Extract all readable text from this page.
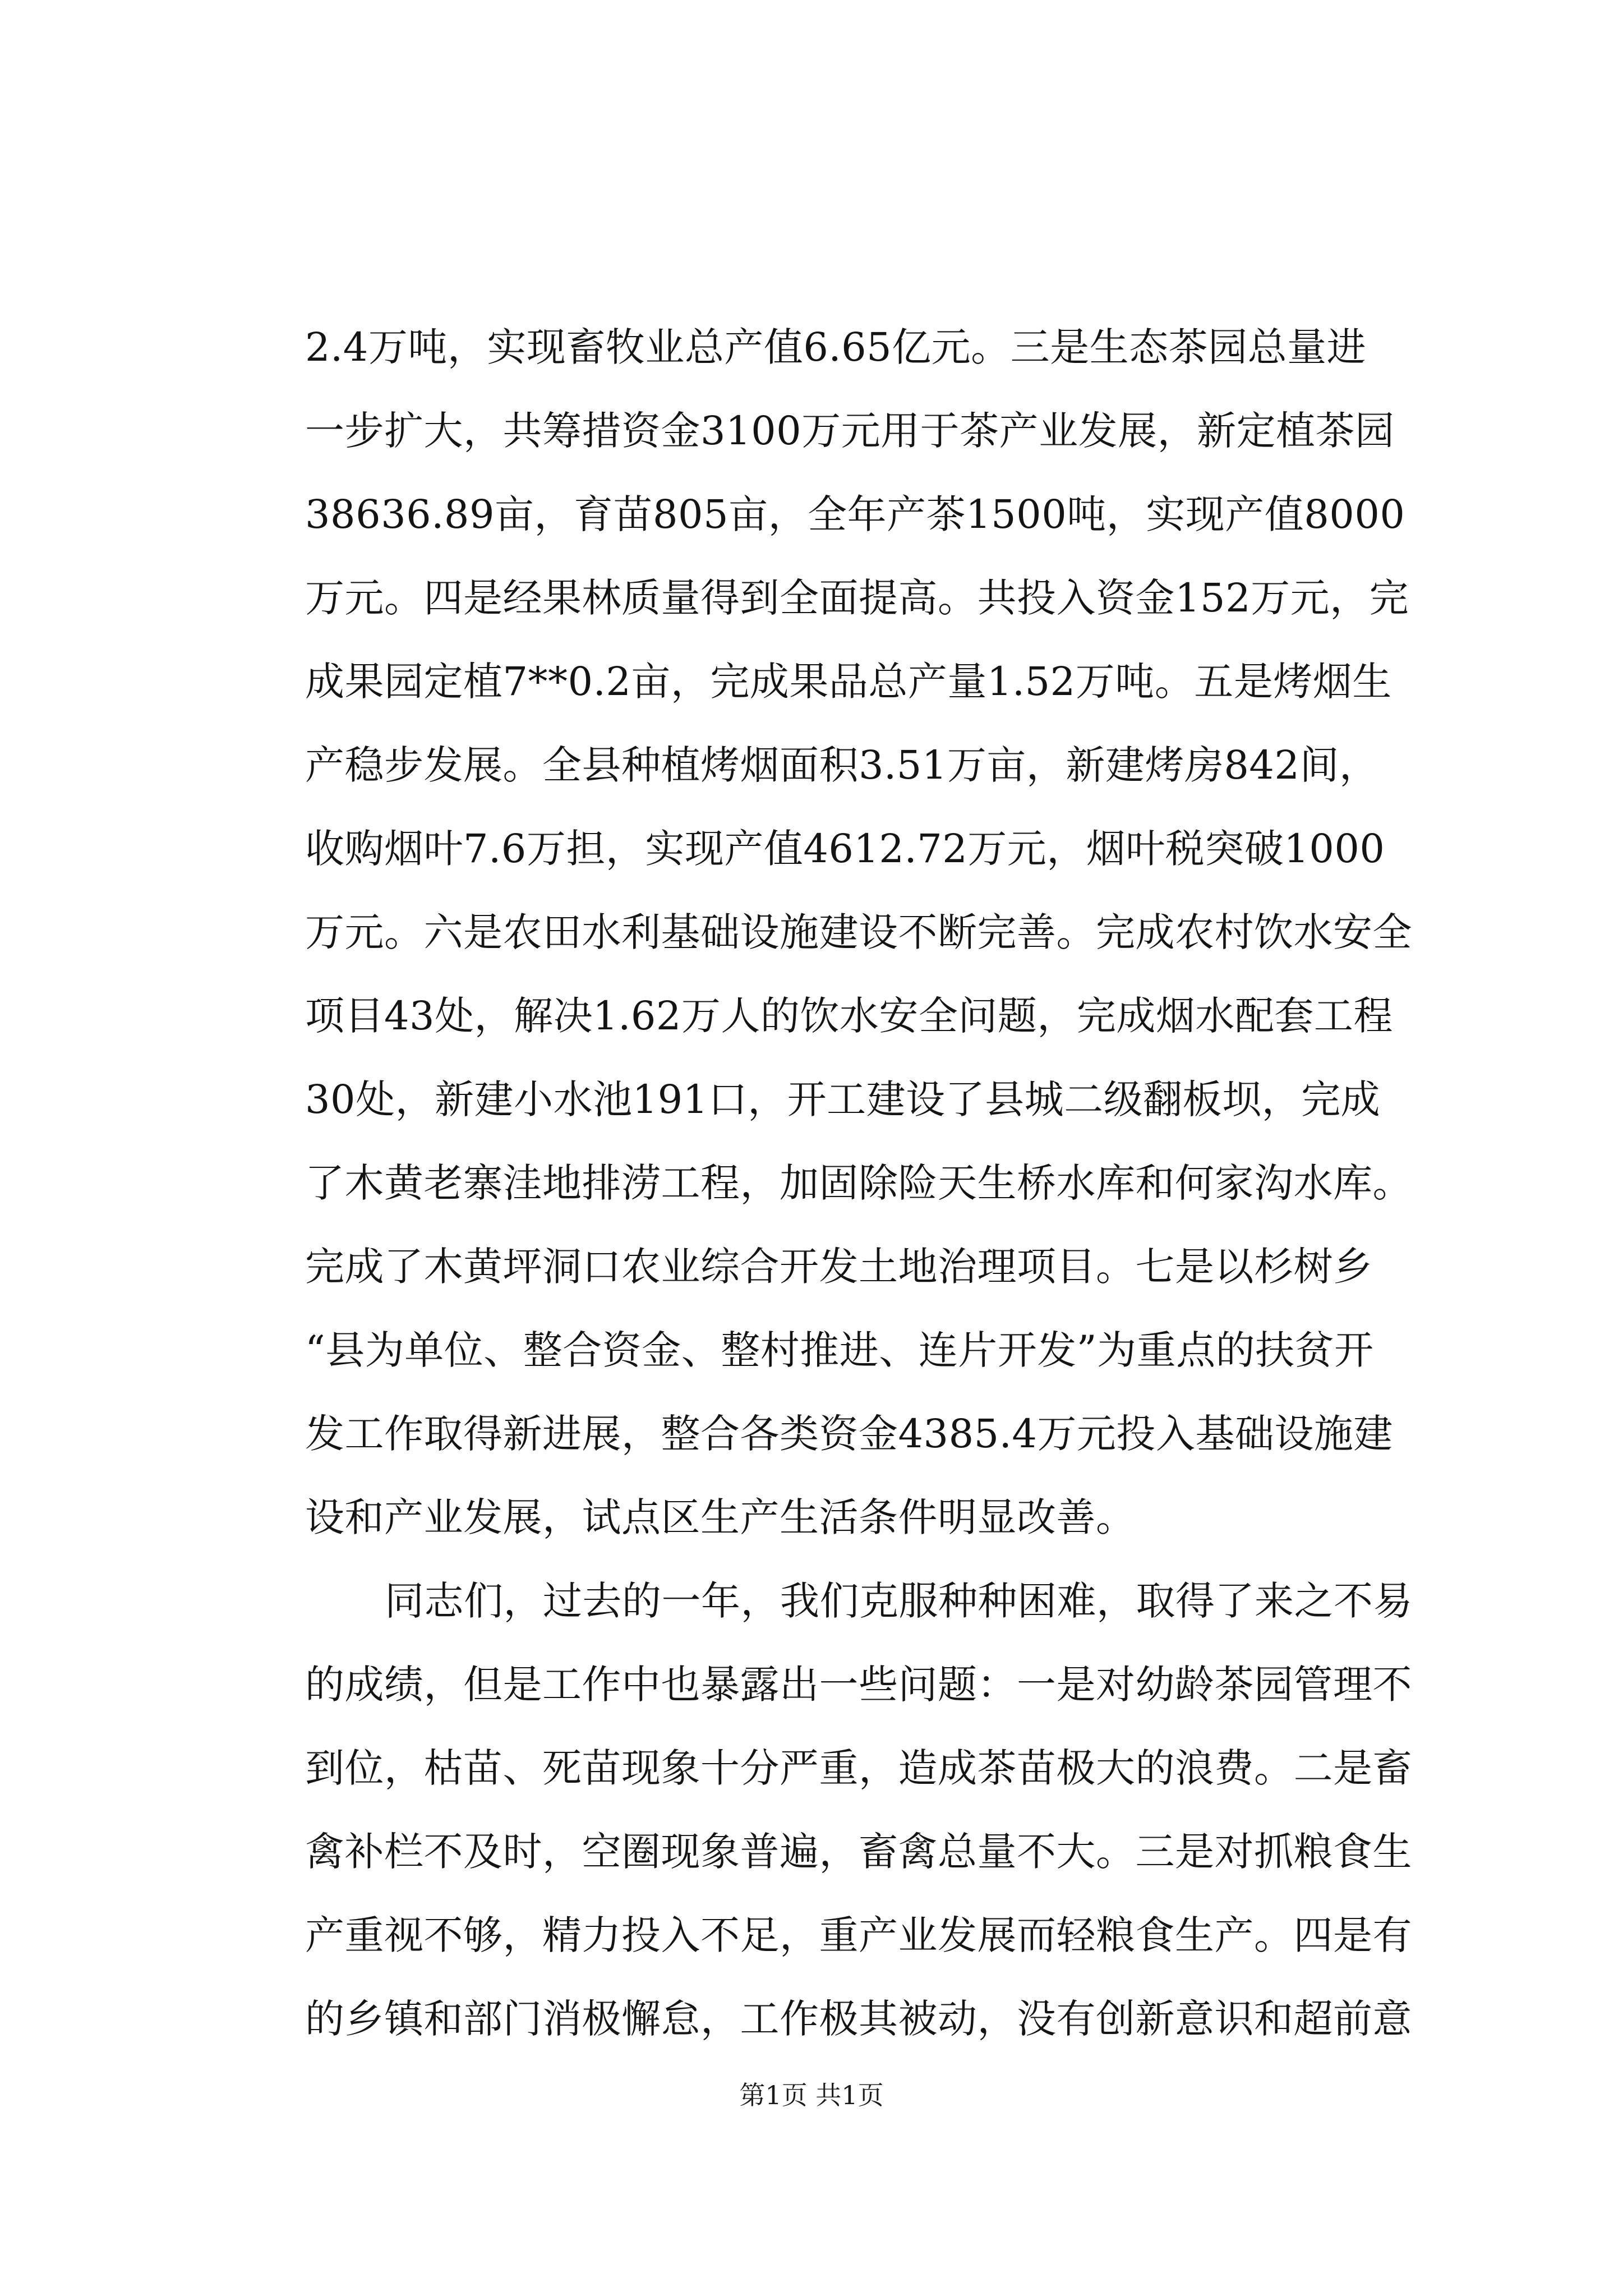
2.4万吨，实现畜牧业总产值6.65亿元。三是生态茶园总量进
一步扩大，共筹措资金3100万元用于茶产业发展，新定植茶园
38636.89亩，育苗805亩，全年产茶1500吨，实现产值8000
万元。四是经果林质量得到全面提高。共投入资金152万元，完
成果园定植7**0.2亩，完成果品总产量1.52万吨。五是烤烟生
产稳步发展。全县种植烤烟面积3.51万亩，新建烤房842间，
收购烟叶7.6万担，实现产值4612.72万元，烟叶税突破1000
万元。六是农田水利基础设施建设不断完善。完成农村饮水安全
项目43处，解决1.62万人的饮水安全问题，完成烟水配套工程
30处，新建小水池191口，开工建设了县城二级翻板坝，完成
了木黄老寨洼地排涝工程，加固除险天生桥水库和何家沟水库。
完成了木黄坪洞口农业综合开发土地治理项目。七是以杉树乡
“县为单位、整合资金、整村推进、连片开发”为重点的扶贫开
发工作取得新进展，整合各类资金4385.4万元投入基础设施建
设和产业发展，试点区生产生活条件明显改善。
同志们，过去的一年，我们克服种种困难，取得了来之不易
的成绩，但是工作中也暴露出一些问题：一是对幼龄茶园管理不
到位，枯苗、死苗现象十分严重，造成茶苗极大的浪费。二是畜
禽补栏不及时，空圈现象普遍，畜禽总量不大。三是对抓粮食生
产重视不够，精力投入不足，重产业发展而轻粮食生产。四是有
的乡镇和部门消极懈怠，工作极其被动，没有创新意识和超前意
第1页 共1页
